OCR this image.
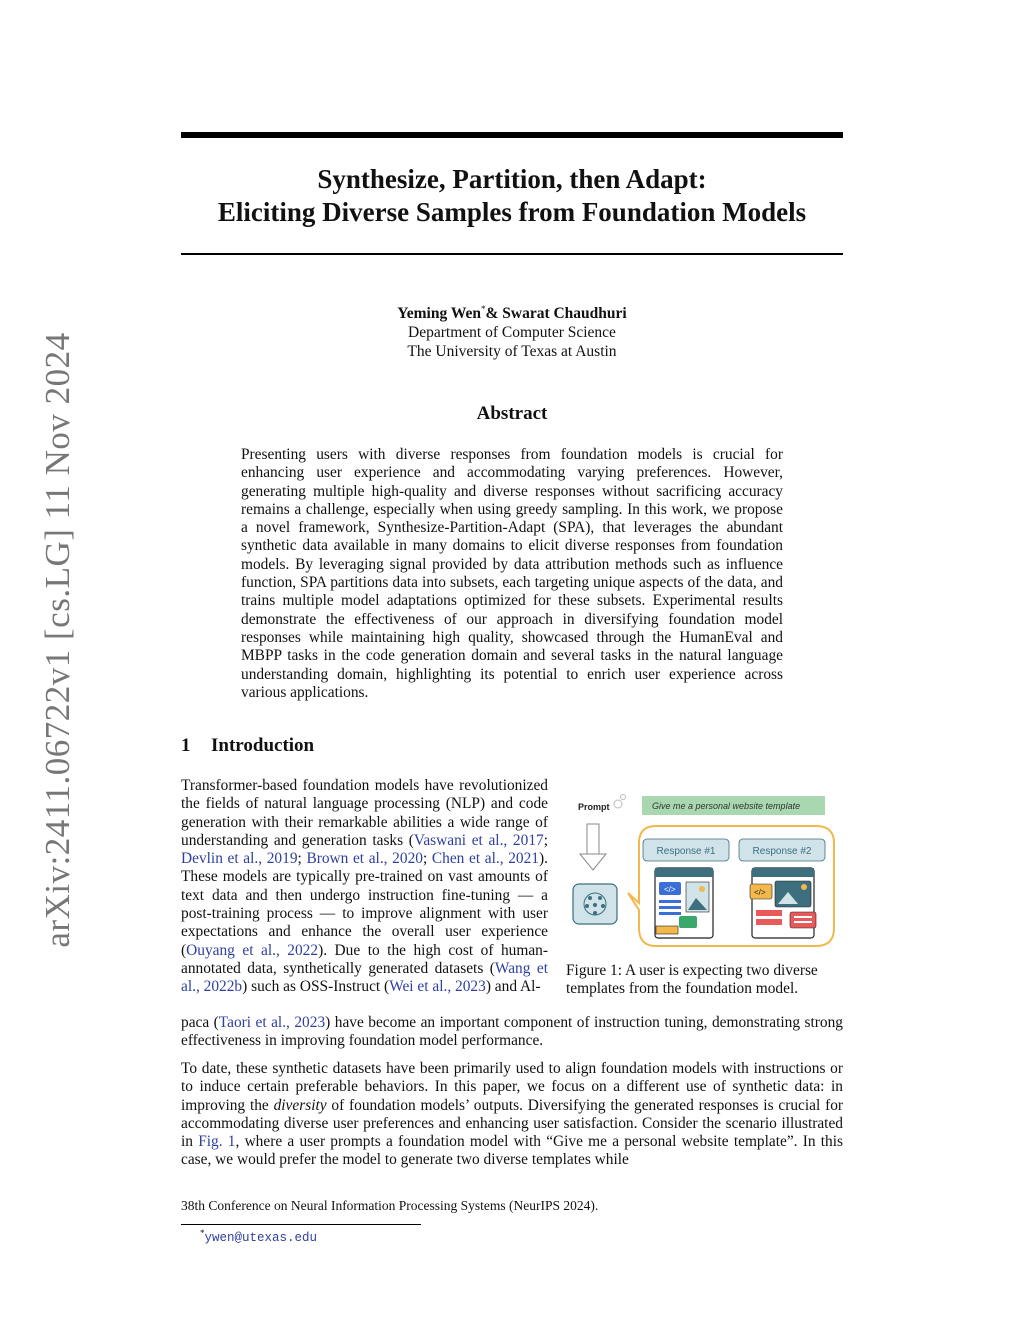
arXiv:2411.06722v1 [cs.LG] 11 Nov 2024
Synthesize, Partition, then Adapt:
Eliciting Diverse Samples from Foundation Models
Yeming Wen*& Swarat Chaudhuri
Department of Computer Science
The University of Texas at Austin
Abstract
Presenting users with diverse responses from foundation models is crucial for enhancing user experience and accommodating varying preferences. However, generating multiple high-quality and diverse responses without sacrificing accuracy remains a challenge, especially when using greedy sampling. In this work, we propose a novel framework, Synthesize-Partition-Adapt (SPA), that leverages the abundant synthetic data available in many domains to elicit diverse responses from foundation models. By leveraging signal provided by data attribution methods such as influence function, SPA partitions data into subsets, each targeting unique aspects of the data, and trains multiple model adaptations optimized for these subsets. Experimental results demonstrate the effectiveness of our approach in diversifying foundation model responses while maintaining high quality, showcased through the HumanEval and MBPP tasks in the code generation domain and several tasks in the natural language understanding domain, highlighting its potential to enrich user experience across various applications.
1 Introduction
Transformer-based foundation models have revolutionized the fields of natural language processing (NLP) and code generation with their remarkable abilities a wide range of understanding and generation tasks (Vaswani et al., 2017; Devlin et al., 2019; Brown et al., 2020; Chen et al., 2021). These models are typically pre-trained on vast amounts of text data and then undergo instruction fine-tuning — a post-training process — to improve alignment with user expectations and enhance the overall user experience (Ouyang et al., 2022). Due to the high cost of human-annotated data, synthetically generated datasets (Wang et al., 2022b) such as OSS-Instruct (Wei et al., 2023) and Al-
paca (Taori et al., 2023) have become an important component of instruction tuning, demonstrating strong effectiveness in improving foundation model performance.
To date, these synthetic datasets have been primarily used to align foundation models with instructions or to induce certain preferable behaviors. In this paper, we focus on a different use of synthetic data: in improving the diversity of foundation models’ outputs. Diversifying the generated responses is crucial for accommodating diverse user preferences and enhancing user satisfaction. Consider the scenario illustrated in Fig. 1, where a user prompts a foundation model with “Give me a personal website template”. In this case, we would prefer the model to generate two diverse templates while
Prompt	Give me a personal website template
Response #1	Response #2
</>	</>
Figure 1: A user is expecting two diverse templates from the foundation model.
38th Conference on Neural Information Processing Systems (NeurIPS 2024).
*ywen@utexas.edu
